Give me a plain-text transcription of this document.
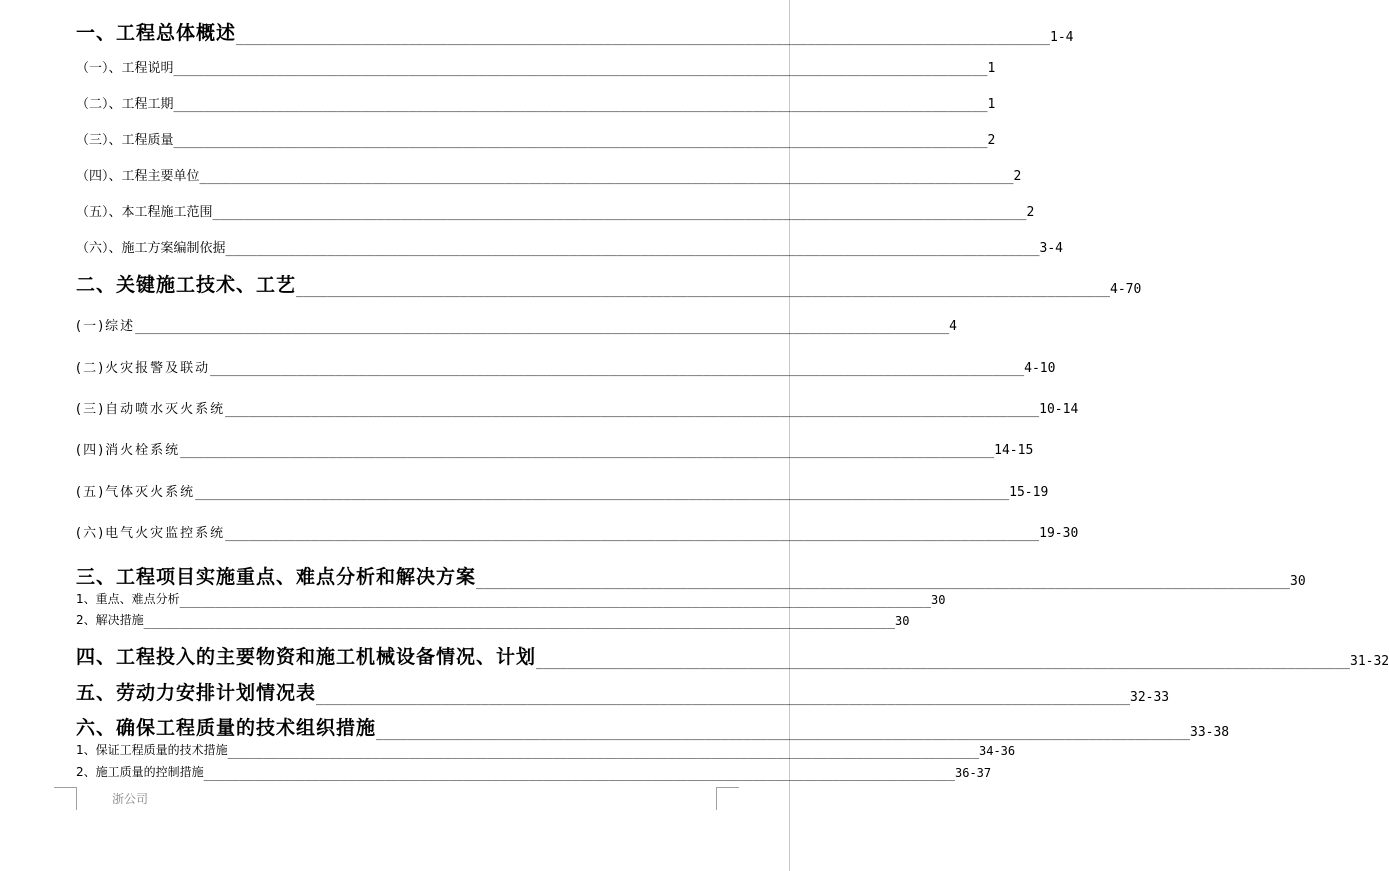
一、工程总体概述 ________________________________________________________________________________________________________ 1-4
（一）、工程说明 ________________________________________________________________________________________________________ 1
（二）、工程工期 ________________________________________________________________________________________________________ 1
（三）、工程质量 ________________________________________________________________________________________________________ 2
（四）、工程主要单位 ________________________________________________________________________________________________________ 2
（五）、本工程施工范围 ________________________________________________________________________________________________________ 2
（六）、施工方案编制依据 ________________________________________________________________________________________________________ 3-4
二、关键施工技术、工艺 ________________________________________________________________________________________________________ 4-70
(一)综述 ________________________________________________________________________________________________________ 4
(二)火灾报警及联动 ________________________________________________________________________________________________________ 4-10
(三)自动喷水灭火系统 ________________________________________________________________________________________________________ 10-14
(四)消火栓系统 ________________________________________________________________________________________________________ 14-15
(五)气体灭火系统 ________________________________________________________________________________________________________ 15-19
(六)电气火灾监控系统 ________________________________________________________________________________________________________ 19-30
三、工程项目实施重点、难点分析和解决方案 ________________________________________________________________________________________________________ 30
1、重点、难点分析 ________________________________________________________________________________________________________ 30
2、解决措施 ________________________________________________________________________________________________________ 30
四、工程投入的主要物资和施工机械设备情况、计划 ________________________________________________________________________________________________________ 31-32
五、劳动力安排计划情况表 ________________________________________________________________________________________________________ 32-33
六、确保工程质量的技术组织措施 ________________________________________________________________________________________________________ 33-38
1、保证工程质量的技术措施 ________________________________________________________________________________________________________ 34-36
2、施工质量的控制措施 ________________________________________________________________________________________________________ 36-37
浙公司
